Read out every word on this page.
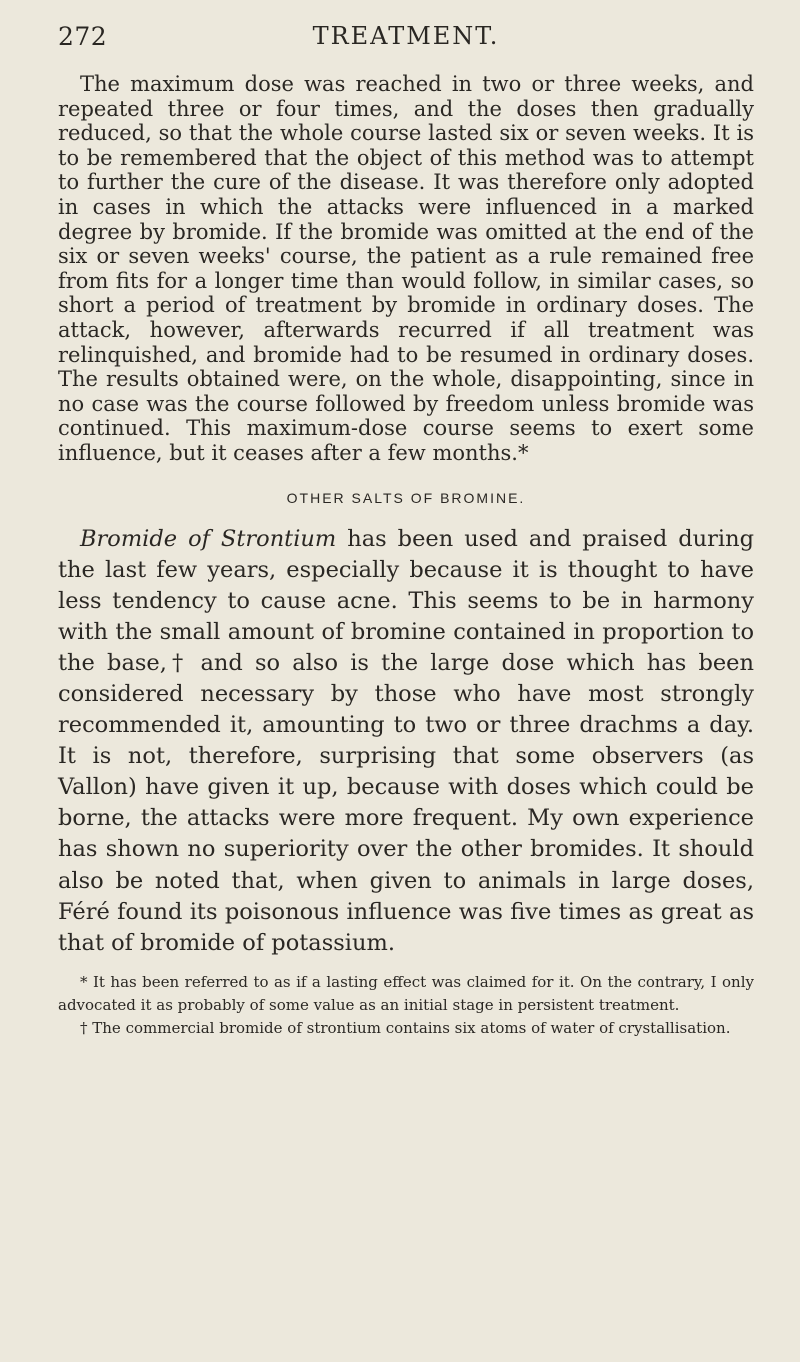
272	TREATMENT.

The maximum dose was reached in two or three weeks, and repeated three or four times, and the doses then gradually reduced, so that the whole course lasted six or seven weeks. It is to be remembered that the object of this method was to attempt to further the cure of the disease. It was therefore only adopted in cases in which the attacks were influenced in a marked degree by bromide. If the bromide was omitted at the end of the six or seven weeks' course, the patient as a rule remained free from fits for a longer time than would follow, in similar cases, so short a period of treatment by bromide in ordinary doses. The attack, however, afterwards recurred if all treatment was relinquished, and bromide had to be resumed in ordinary doses. The results obtained were, on the whole, disappointing, since in no case was the course followed by freedom unless bromide was continued. This maximum-dose course seems to exert some influence, but it ceases after a few months.*

OTHER SALTS OF BROMINE.

Bromide of Strontium has been used and praised during the last few years, especially because it is thought to have less tendency to cause acne. This seems to be in harmony with the small amount of bromine contained in proportion to the base,† and so also is the large dose which has been considered necessary by those who have most strongly recommended it, amounting to two or three drachms a day. It is not, therefore, surprising that some observers (as Vallon) have given it up, because with doses which could be borne, the attacks were more frequent. My own experience has shown no superiority over the other bromides. It should also be noted that, when given to animals in large doses, Féré found its poisonous influence was five times as great as that of bromide of potassium.

* It has been referred to as if a lasting effect was claimed for it. On the contrary, I only advocated it as probably of some value as an initial stage in persistent treatment.

† The commercial bromide of strontium contains six atoms of water of crystallisation.
